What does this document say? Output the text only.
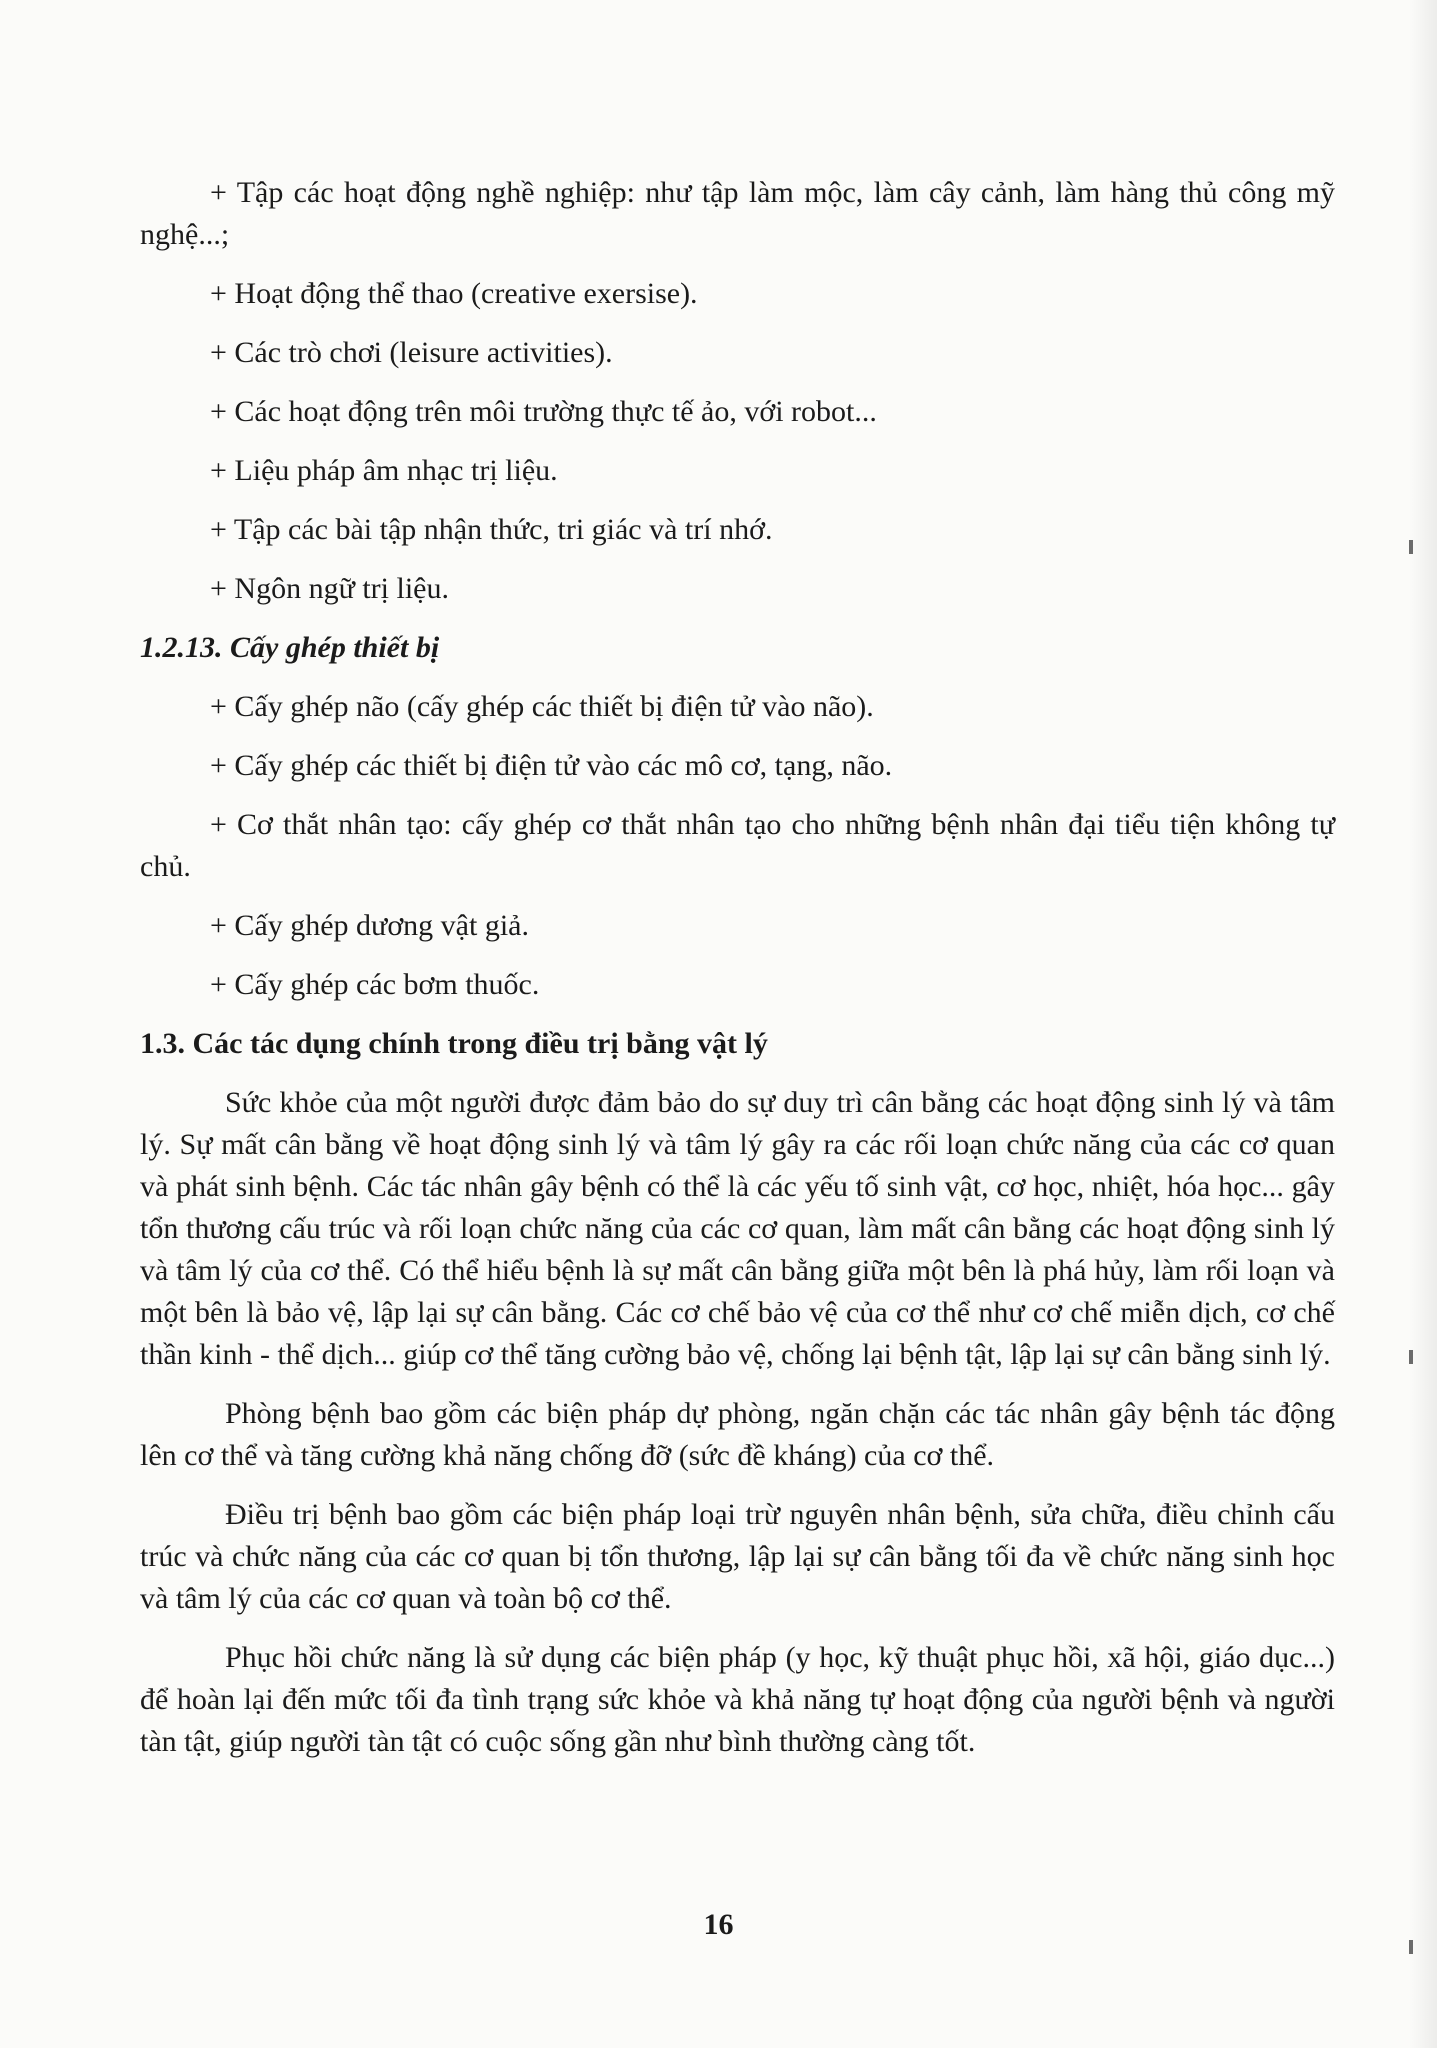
+ Tập các hoạt động nghề nghiệp: như tập làm mộc, làm cây cảnh, làm hàng thủ công mỹ nghệ...;

+ Hoạt động thể thao (creative exersise).

+ Các trò chơi (leisure activities).

+ Các hoạt động trên môi trường thực tế ảo, với robot...

+ Liệu pháp âm nhạc trị liệu.

+ Tập các bài tập nhận thức, tri giác và trí nhớ.

+ Ngôn ngữ trị liệu.

1.2.13. Cấy ghép thiết bị

+ Cấy ghép não (cấy ghép các thiết bị điện tử vào não).

+ Cấy ghép các thiết bị điện tử vào các mô cơ, tạng, não.

+ Cơ thắt nhân tạo: cấy ghép cơ thắt nhân tạo cho những bệnh nhân đại tiểu tiện không tự chủ.

+ Cấy ghép dương vật giả.

+ Cấy ghép các bơm thuốc.

1.3. Các tác dụng chính trong điều trị bằng vật lý

Sức khỏe của một người được đảm bảo do sự duy trì cân bằng các hoạt động sinh lý và tâm lý. Sự mất cân bằng về hoạt động sinh lý và tâm lý gây ra các rối loạn chức năng của các cơ quan và phát sinh bệnh. Các tác nhân gây bệnh có thể là các yếu tố sinh vật, cơ học, nhiệt, hóa học... gây tổn thương cấu trúc và rối loạn chức năng của các cơ quan, làm mất cân bằng các hoạt động sinh lý và tâm lý của cơ thể. Có thể hiểu bệnh là sự mất cân bằng giữa một bên là phá hủy, làm rối loạn và một bên là bảo vệ, lập lại sự cân bằng. Các cơ chế bảo vệ của cơ thể như cơ chế miễn dịch, cơ chế thần kinh - thể dịch... giúp cơ thể tăng cường bảo vệ, chống lại bệnh tật, lập lại sự cân bằng sinh lý.

Phòng bệnh bao gồm các biện pháp dự phòng, ngăn chặn các tác nhân gây bệnh tác động lên cơ thể và tăng cường khả năng chống đỡ (sức đề kháng) của cơ thể.

Điều trị bệnh bao gồm các biện pháp loại trừ nguyên nhân bệnh, sửa chữa, điều chỉnh cấu trúc và chức năng của các cơ quan bị tổn thương, lập lại sự cân bằng tối đa về chức năng sinh học và tâm lý của các cơ quan và toàn bộ cơ thể.

Phục hồi chức năng là sử dụng các biện pháp (y học, kỹ thuật phục hồi, xã hội, giáo dục...) để hoàn lại đến mức tối đa tình trạng sức khỏe và khả năng tự hoạt động của người bệnh và người tàn tật, giúp người tàn tật có cuộc sống gần như bình thường càng tốt.

16
